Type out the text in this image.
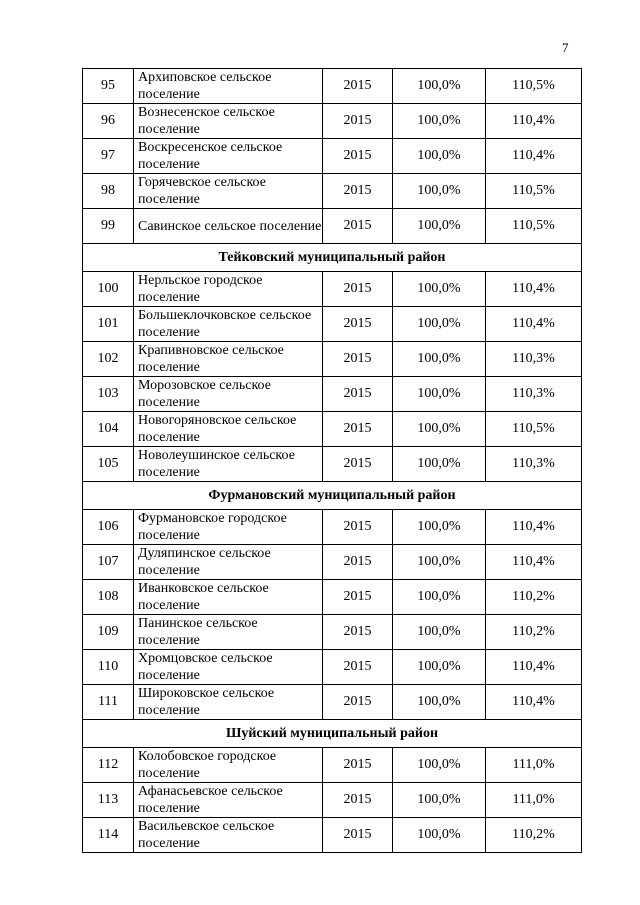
7
95	Архиповское сельское поселение	2015	100,0%	110,5%
96	Вознесенское сельское поселение	2015	100,0%	110,4%
97	Воскресенское сельское поселение	2015	100,0%	110,4%
98	Горячевское сельское поселение	2015	100,0%	110,5%
99	Савинское сельское поселение	2015	100,0%	110,5%
Тейковский муниципальный район				
100	Нерльское городское поселение	2015	100,0%	110,4%
101	Большеклочковское сельское поселение	2015	100,0%	110,4%
102	Крапивновское сельское поселение	2015	100,0%	110,3%
103	Морозовское сельское поселение	2015	100,0%	110,3%
104	Новогоряновское сельское поселение	2015	100,0%	110,5%
105	Новолеушинское сельское поселение	2015	100,0%	110,3%
Фурмановский муниципальный район				
106	Фурмановское городское поселение	2015	100,0%	110,4%
107	Дуляпинское сельское поселение	2015	100,0%	110,4%
108	Иванковское сельское поселение	2015	100,0%	110,2%
109	Панинское сельское поселение	2015	100,0%	110,2%
110	Хромцовское сельское поселение	2015	100,0%	110,4%
111	Широковское сельское поселение	2015	100,0%	110,4%
Шуйский муниципальный район				
112	Колобовское городское поселение	2015	100,0%	111,0%
113	Афанасьевское сельское поселение	2015	100,0%	111,0%
114	Васильевское сельское поселение	2015	100,0%	110,2%
